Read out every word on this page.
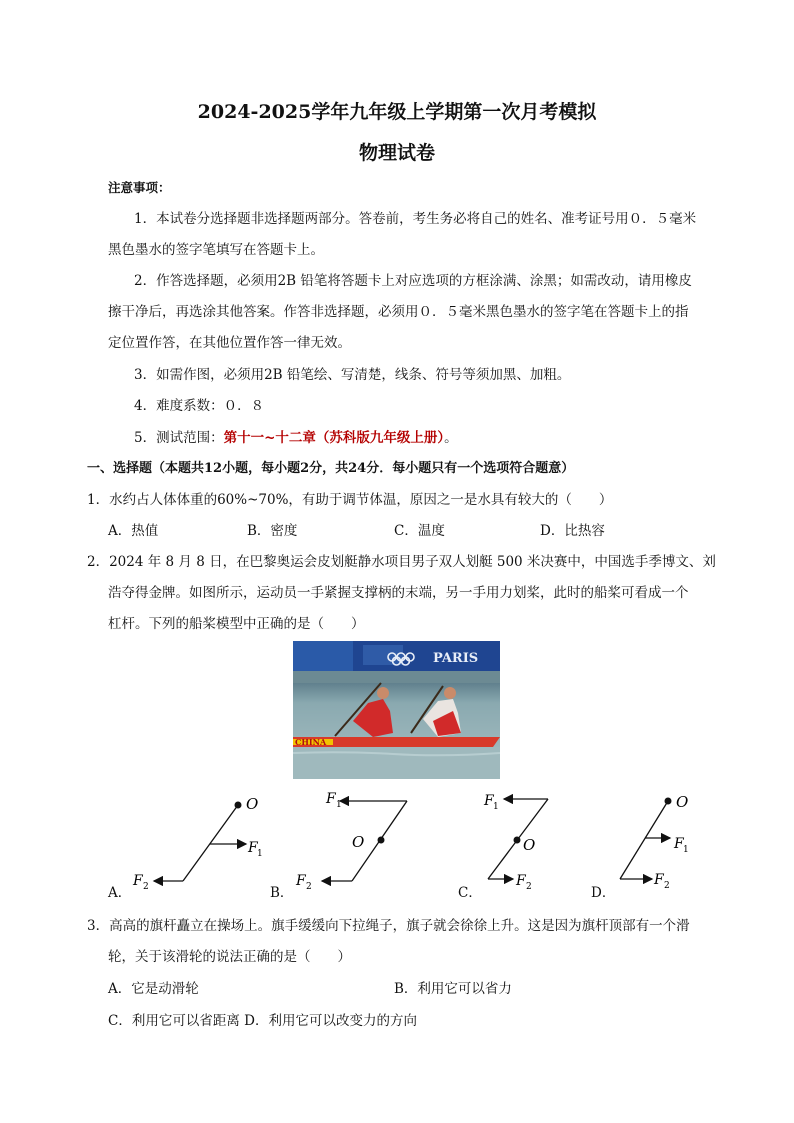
2024-2025学年九年级上学期第一次月考模拟
物理试卷
注意事项：
1．本试卷分选择题非选择题两部分。答卷前，考生务必将自己的姓名、准考证号用０．５毫米
黑色墨水的签字笔填写在答题卡上。
2．作答选择题，必须用2B 铅笔将答题卡上对应选项的方框涂满、涂黑；如需改动，请用橡皮
擦干净后，再选涂其他答案。作答非选择题，必须用０．５毫米黑色墨水的签字笔在答题卡上的指
定位置作答，在其他位置作答一律无效。
3．如需作图，必须用2B 铅笔绘、写清楚，线条、符号等须加黑、加粗。
4．难度系数：０．８
5．测试范围：第十一~十二章（苏科版九年级上册）。
一、选择题（本题共12小题，每小题2分，共24分．每小题只有一个选项符合题意）
1．水约占人体体重的60%~70%，有助于调节体温，原因之一是水具有较大的（　　）
A．热值	B．密度	C．温度	D．比热容
2．2024 年 8 月 8 日，在巴黎奥运会皮划艇静水项目男子双人划艇 500 米决赛中，中国选手季博文、刘
浩夺得金牌。如图所示，运动员一手紧握支撑柄的末端，另一手用力划桨，此时的船桨可看成一个
杠杆。下列的船桨模型中正确的是（　　）
PARIS
CHINA
O
F 1
F 2
F 1
O
F 2
F 1
O
F 2
O
F 1
F 2
A．	B．	C．	D．
3．高高的旗杆矗立在操场上。旗手缓缓向下拉绳子，旗子就会徐徐上升。这是因为旗杆顶部有一个滑
轮，关于该滑轮的说法正确的是（　　）
A．它是动滑轮	B．利用它可以省力
C．利用它可以省距离 D．利用它可以改变力的方向
